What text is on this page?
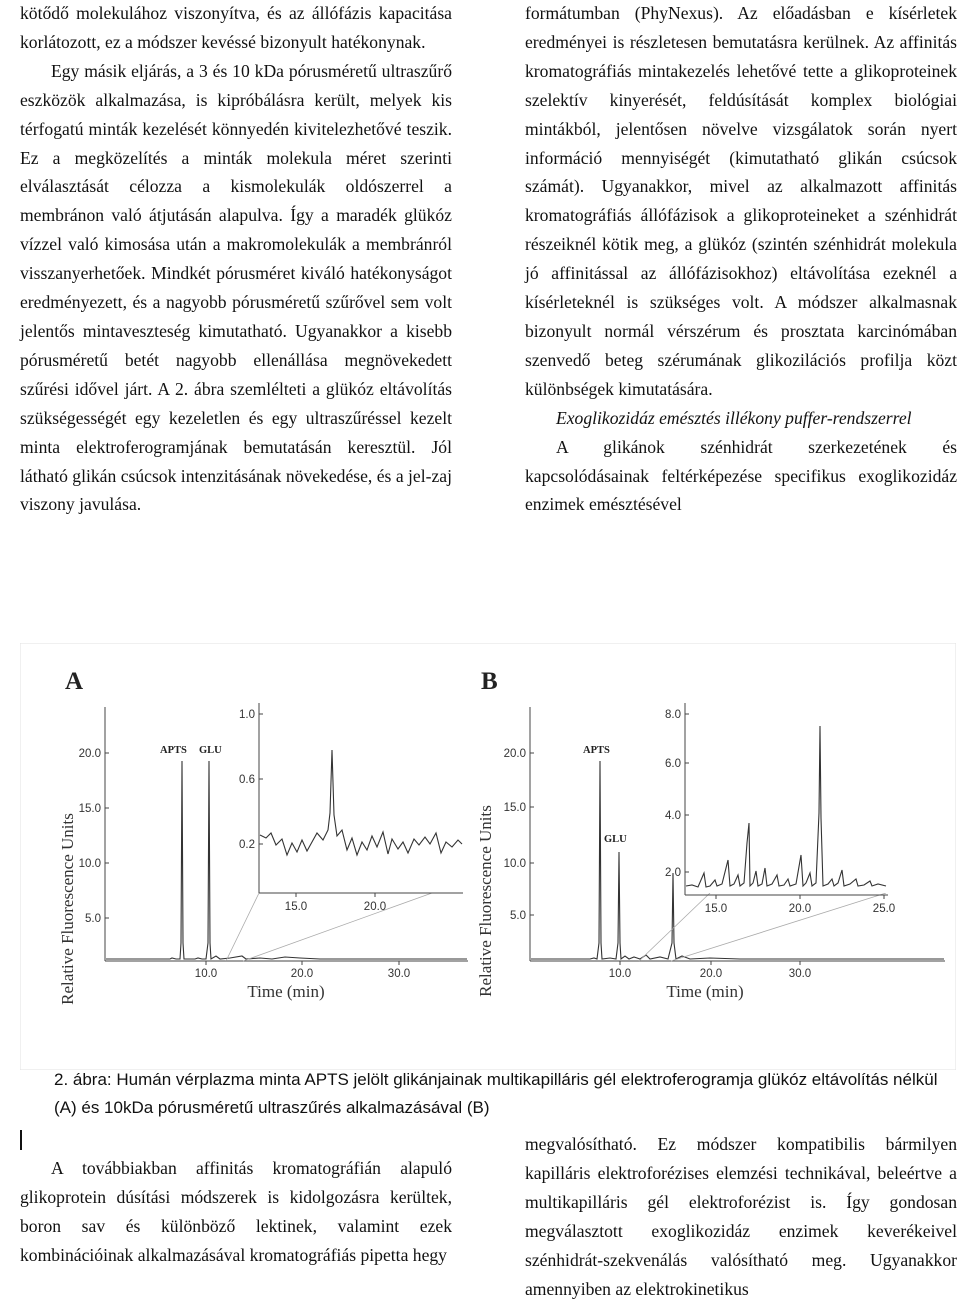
kötődő molekulához viszonyítva, és az állófázis kapacitása korlátozott, ez a módszer kevéssé bizonyult hatékonynak.

Egy másik eljárás, a 3 és 10 kDa pórusméretű ultraszűrő eszközök alkalmazása, is kipróbálásra került, melyek kis térfogatú minták kezelését könnyedén kivitelezhetővé teszik. Ez a megközelítés a minták molekula méret szerinti elválasztását célozza a kismolekulák oldószerrel a membránon való átjutásán alapulva. Így a maradék glükóz vízzel való kimosása után a makromolekulák a membránról visszanyerhetőek. Mindkét pórusméret kiváló hatékonyságot eredményezett, és a nagyobb pórusméretű szűrővel sem volt jelentős mintaveszteség kimutatható. Ugyanakkor a kisebb pórusméretű betét nagyobb ellenállása megnövekedett szűrési idővel járt. A 2. ábra szemlélteti a glükóz eltávolítás szükségességét egy kezeletlen és egy ultraszűréssel kezelt minta elektroferogramjának bemutatásán keresztül. Jól látható glikán csúcsok intenzitásának növekedése, és a jel-zaj viszony javulása.

formátumban (PhyNexus). Az előadásban e kísérletek eredményei is részletesen bemutatásra kerülnek. Az affinitás kromatográfiás mintakezelés lehetővé tette a glikoproteinek szelektív kinyerését, feldúsítását komplex biológiai mintákból, jelentősen növelve vizsgálatok során nyert információ mennyiségét (kimutatható glikán csúcsok számát). Ugyanakkor, mivel az alkalmazott affinitás kromatográfiás állófázisok a glikoproteineket a szénhidrát részeiknél kötik meg, a glükóz (szintén szénhidrát molekula jó affinitással az állófázisokhoz) eltávolítása ezeknél a kísérleteknél is szükséges volt. A módszer alkalmasnak bizonyult normál vérszérum és prosztata karcinómában szenvedő beteg szérumának glikozilációs profilja közt különbségek kimutatására.

Exoglikozidáz emésztés illékony puffer-rendszerrel

A glikánok szénhidrát szerkezetének és kapcsolódásainak feltérképezése specifikus exoglikozidáz enzimek emésztésével

A
Relative Fluorescence Units 5.0
10.0
15.0
20.0
10.0	20.0	30.0
Time (min)
APTS GLU
0.2
0.6
1.0
15.0	20.0
B
Relative Fluorescence Units 5.0
10.0
15.0
20.0
10.0	20.0	30.0
Time (min)
APTS
GLU
2.0
4.0
6.0
8.0
15.0	20.0	25.0

2. ábra: Humán vérplazma minta APTS jelölt glikánjainak multikapilláris gél elektroferogramja glükóz eltávolítás nélkül (A) és 10kDa pórusméretű ultraszűrés alkalmazásával (B)

A továbbiakban affinitás kromatográfián alapuló glikoprotein dúsítási módszerek is kidolgozásra kerültek, boron sav és különböző lektinek, valamint ezek kombinációinak alkalmazásával kromatográfiás pipetta hegy

megvalósítható. Ez módszer kompatibilis bármilyen kapilláris elektroforézises elemzési technikával, beleértve a multikapilláris gél elektroforézist is. Így gondosan megválasztott exoglikozidáz enzimek keverékeivel szénhidrát-szekvenálás valósítható meg. Ugyanakkor amennyiben az elektrokinetikus
